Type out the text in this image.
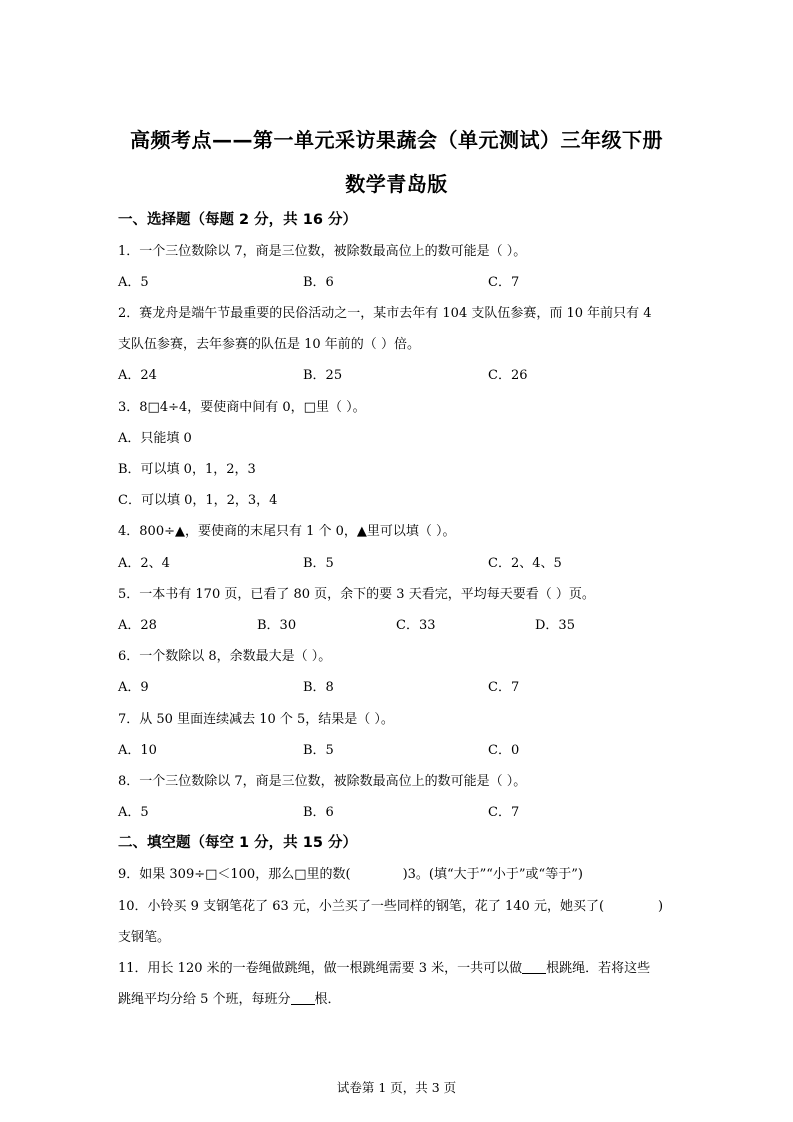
高频考点——第一单元采访果蔬会（单元测试）三年级下册
数学青岛版
一、选择题（每题 2 分，共 16 分）
1．一个三位数除以 7，商是三位数，被除数最高位上的数可能是（ ）。
A．5	B．6	C．7
2．赛龙舟是端午节最重要的民俗活动之一，某市去年有 104 支队伍参赛，而 10 年前只有 4
支队伍参赛，去年参赛的队伍是 10 年前的（ ）倍。
A．24	B．25	C．26
3．8□4÷4，要使商中间有 0，□里（ ）。
A．只能填 0
B．可以填 0，1，2，3
C．可以填 0，1，2，3，4
4．800÷▲，要使商的末尾只有 1 个 0，▲里可以填（ ）。
A．2、4	B．5	C．2、4、5
5．一本书有 170 页，已看了 80 页，余下的要 3 天看完，平均每天要看（ ）页。
A．28	B．30	C．33	D．35
6．一个数除以 8，余数最大是（ ）。
A．9	B．8	C．7
7．从 50 里面连续减去 10 个 5，结果是（ ）。
A．10	B．5	C．0
8．一个三位数除以 7，商是三位数，被除数最高位上的数可能是（ ）。
A．5	B．6	C．7
二、填空题（每空 1 分，共 15 分）
9．如果 309÷□＜100，那么□里的数(	)3。(填“大于”“小于”或“等于”)
10．小铃买 9 支钢笔花了 63 元，小兰买了一些同样的钢笔，花了 140 元，她买了(	)
支钢笔。
11．用长 120 米的一卷绳做跳绳，做一根跳绳需要 3 米，一共可以做 根跳绳．若将这些
跳绳平均分给 5 个班，每班分 根．
试卷第 1 页，共 3 页
